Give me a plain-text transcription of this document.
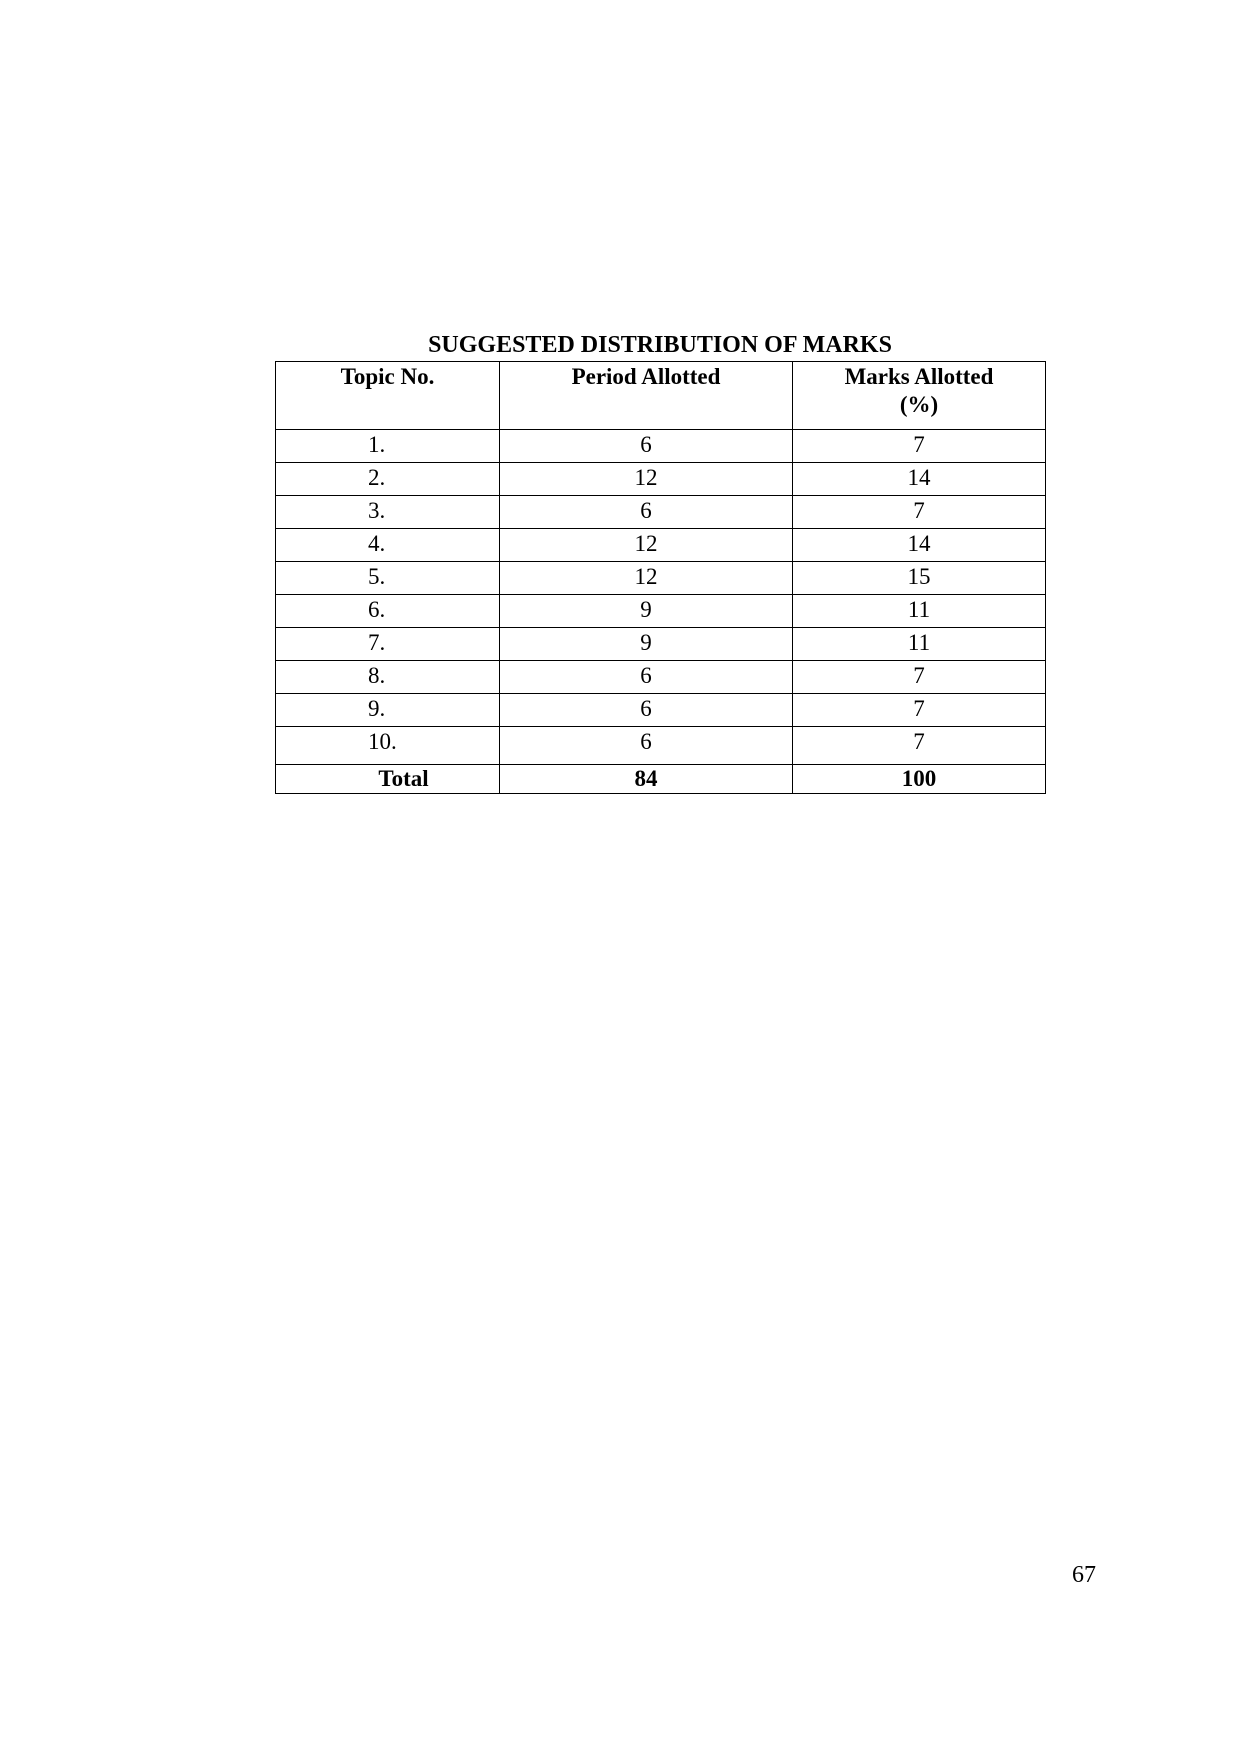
SUGGESTED DISTRIBUTION OF MARKS
Topic No.	Period Allotted	Marks Allotted
(%)
1.	6	7
2.	12	14
3.	6	7
4.	12	14
5.	12	15
6.	9	11
7.	9	11
8.	6	7
9.	6	7
10.	6	7
Total	84	100
67
